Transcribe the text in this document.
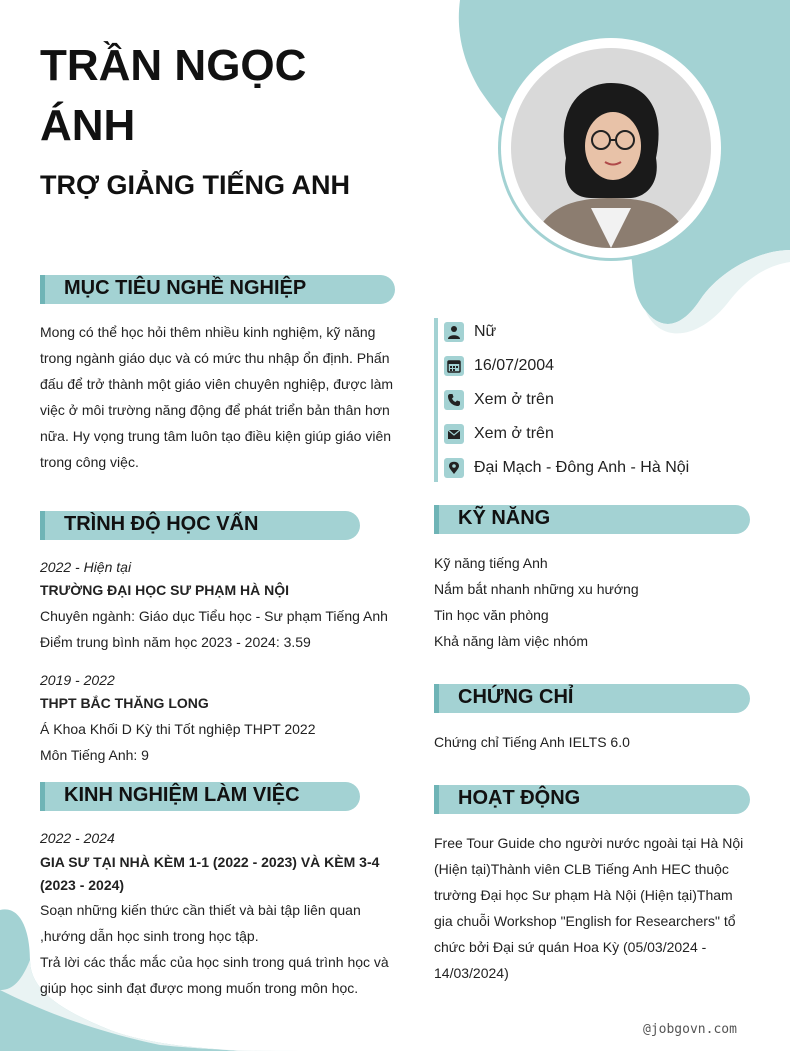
TRẦN NGỌC ÁNH
TRỢ GIẢNG TIẾNG ANH
MỤC TIÊU NGHỀ NGHIỆP
Mong có thể học hỏi thêm nhiều kinh nghiệm, kỹ năng
trong ngành giáo dục và có mức thu nhập ổn định. Phấn
đấu để trở thành một giáo viên chuyên nghiệp, được làm
việc ở môi trường năng động để phát triển bản thân hơn
nữa. Hy vọng trung tâm luôn tạo điều kiện giúp giáo viên
trong công việc.
TRÌNH ĐỘ HỌC VẤN
2022 - Hiện tại
TRƯỜNG ĐẠI HỌC SƯ PHẠM HÀ NỘI
Chuyên ngành: Giáo dục Tiểu học - Sư phạm Tiếng Anh
Điểm trung bình năm học 2023 - 2024: 3.59
2019 - 2022
THPT BẮC THĂNG LONG
Á Khoa Khối D Kỳ thi Tốt nghiệp THPT 2022
Môn Tiếng Anh: 9
KINH NGHIỆM LÀM VIỆC
2022 - 2024
GIA SƯ TẠI NHÀ KÈM 1-1 (2022 - 2023) VÀ KÈM 3-4
(2023 - 2024)
Soạn những kiến thức cần thiết và bài tập liên quan
,hướng dẫn học sinh trong học tập.
Trả lời các thắc mắc của học sinh trong quá trình học và
giúp học sinh đạt được mong muốn trong môn học.
Nữ
16/07/2004
Xem ở trên
Xem ở trên
Đại Mạch - Đông Anh - Hà Nội
KỸ NĂNG
Kỹ năng tiếng Anh
Nắm bắt nhanh những xu hướng
Tin học văn phòng
Khả năng làm việc nhóm
CHỨNG CHỈ
Chứng chỉ Tiếng Anh IELTS 6.0
HOẠT ĐỘNG
Free Tour Guide cho người nước ngoài tại Hà Nội
(Hiện tại)Thành viên CLB Tiếng Anh HEC thuộc
trường Đại học Sư phạm Hà Nội (Hiện tại)Tham
gia chuỗi Workshop "English for Researchers" tổ
chức bởi Đại sứ quán Hoa Kỳ (05/03/2024 -
14/03/2024)
@jobgovn.com
